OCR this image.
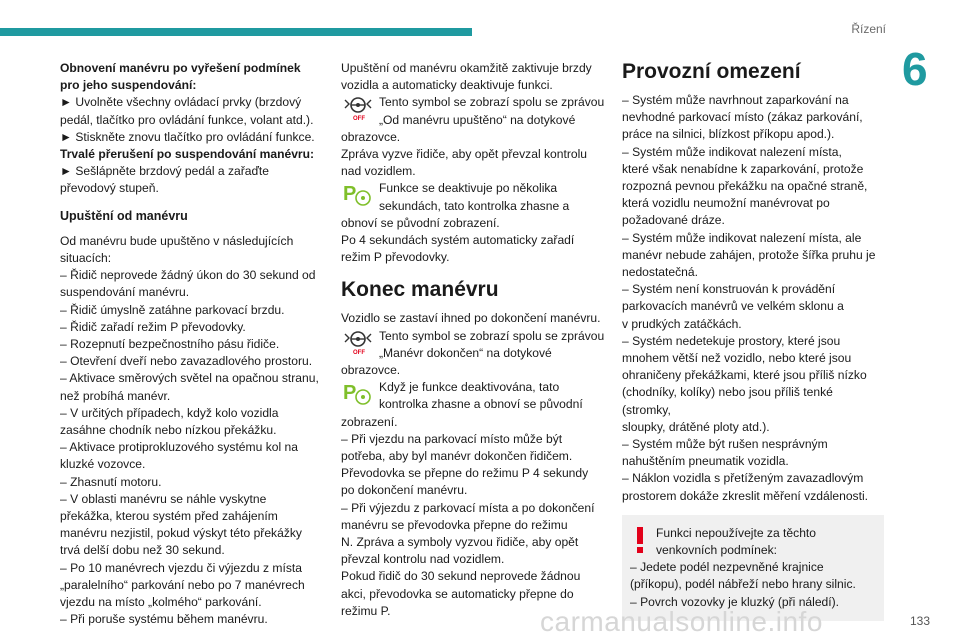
Řízení
6

Obnovení manévru po vyřešení podmínek

pro jeho suspendování:

► Uvolněte všechny ovládací prvky (brzdový

pedál, tlačítko pro ovládání funkce, volant atd.).

► Stiskněte znovu tlačítko pro ovládání funkce.

Trvalé přerušení po suspendování manévru:

► Sešlápněte brzdový pedál a zařaďte

převodový stupeň.

Upuštění od manévru

Od manévru bude upuštěno v následujících

situacích:

– Řidič neprovede žádný úkon do 30 sekund od

suspendování manévru.

– Řidič úmyslně zatáhne parkovací brzdu.

– Řidič zařadí režim P převodovky.

– Rozepnutí bezpečnostního pásu řidiče.

– Otevření dveří nebo zavazadlového prostoru.

– Aktivace směrových světel na opačnou stranu,

než probíhá manévr.

– V určitých případech, když kolo vozidla

zasáhne chodník nebo nízkou překážku.

– Aktivace protiprokluzového systému kol na

kluzké vozovce.

– Zhasnutí motoru.

– V oblasti manévru se náhle vyskytne

překážka, kterou systém před zahájením

manévru nezjistil, pokud výskyt této překážky

trvá delší dobu než 30 sekund.

– Po 10 manévrech vjezdu či výjezdu z místa

„paralelního“ parkování nebo po 7 manévrech

vjezdu na místo „kolmého“ parkování.

– Při poruše systému během manévru.

Upuštění od manévru okamžitě zaktivuje brzdy

vozidla a automaticky deaktivuje funkci.

OFF

Tento symbol se zobrazí spolu se zprávou

„Od manévru upuštěno“ na dotykové

obrazovce.

Zpráva vyzve řidiče, aby opět převzal kontrolu

nad vozidlem.

P	Funkce se deaktivuje po několika

sekundách, tato kontrolka zhasne a

obnoví se původní zobrazení.

Po 4 sekundách systém automaticky zařadí

režim P převodovky.

Konec manévru

Vozidlo se zastaví ihned po dokončení manévru.

OFF

Tento symbol se zobrazí spolu se zprávou

„Manévr dokončen“ na dotykové

obrazovce.

P	Když je funkce deaktivována, tato

kontrolka zhasne a obnoví se původní

zobrazení.

– Při vjezdu na parkovací místo může být

potřeba, aby byl manévr dokončen řidičem.

Převodovka se přepne do režimu P 4 sekundy

po dokončení manévru.

– Při výjezdu z parkovací místa a po dokončení

manévru se převodovka přepne do režimu

N. Zpráva a symboly vyzvou řidiče, aby opět

převzal kontrolu nad vozidlem.

Pokud řidič do 30 sekund neprovede žádnou

akci, převodovka se automaticky přepne do

režimu P.

Provozní omezení

– Systém může navrhnout zaparkování na

nevhodné parkovací místo (zákaz parkování,

práce na silnici, blízkost příkopu apod.).

– Systém může indikovat nalezení místa,

které však nenabídne k zaparkování, protože

rozpozná pevnou překážku na opačné straně,

která vozidlu neumožní manévrovat po

požadované dráze.

– Systém může indikovat nalezení místa, ale

manévr nebude zahájen, protože šířka pruhu je

nedostatečná.

– Systém není konstruován k provádění

parkovacích manévrů ve velkém sklonu a

v prudkých zatáčkách.

– Systém nedetekuje prostory, které jsou

mnohem větší než vozidlo, nebo které jsou

ohraničeny překážkami, které jsou příliš nízko

(chodníky, kolíky) nebo jsou příliš tenké (stromky,

sloupky, drátěné ploty atd.).

– Systém může být rušen nesprávným

nahuštěním pneumatik vozidla.

– Náklon vozidla s přetíženým zavazadlovým

prostorem dokáže zkreslit měření vzdálenosti.

Funkci nepoužívejte za těchto

venkovních podmínek:

– Jedete podél nezpevněné krajnice

(příkopu), podél nábřeží nebo hrany silnic.

– Povrch vozovky je kluzký (při náledí).

133
carmanualsonline.info
